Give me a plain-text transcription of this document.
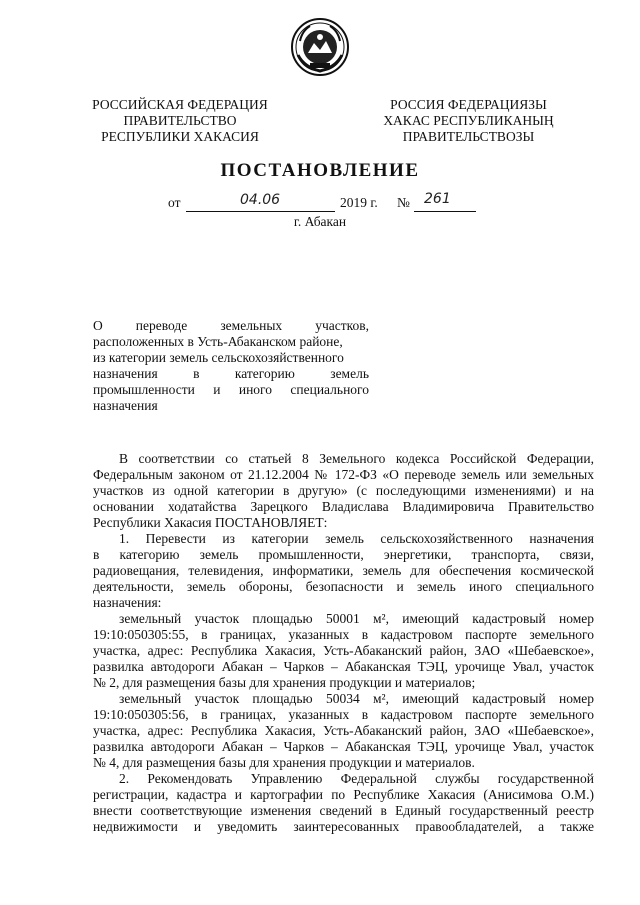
РОССИЙСКАЯ ФЕДЕРАЦИЯ
ПРАВИТЕЛЬСТВО
РЕСПУБЛИКИ ХАКАСИЯ
РОССИЯ ФЕДЕРАЦИЯЗЫ
ХАКАС РЕСПУБЛИКАНЫҢ
ПРАВИТЕЛЬСТВОЗЫ
ПОСТАНОВЛЕНИЕ
от	04.06	2019 г. № 261
г. Абакан
О переводе земельных участков,
расположенных в Усть-Абаканском районе,
из категории земель сельскохозяйственного
назначения в категорию земель
промышленности и иного специального
назначения
В соответствии со статьей 8 Земельного кодекса Российской Федерации,
Федеральным законом от 21.12.2004 № 172-ФЗ «О переводе земель или земельных
участков из одной категории в другую» (с последующими изменениями) и на
основании ходатайства Зарецкого Владислава Владимировича Правительство
Республики Хакасия ПОСТАНОВЛЯЕТ:
1. Перевести из категории земель сельскохозяйственного назначения
в категорию земель промышленности, энергетики, транспорта, связи,
радиовещания, телевидения, информатики, земель для обеспечения космической
деятельности, земель обороны, безопасности и земель иного специального
назначения:
земельный участок площадью 50001 м², имеющий кадастровый номер
19:10:050305:55, в границах, указанных в кадастровом паспорте земельного
участка, адрес: Республика Хакасия, Усть-Абаканский район, ЗАО «Шебаевское»,
развилка автодороги Абакан – Чарков – Абаканская ТЭЦ, урочище Увал, участок
№ 2, для размещения базы для хранения продукции и материалов;
земельный участок площадью 50034 м², имеющий кадастровый номер
19:10:050305:56, в границах, указанных в кадастровом паспорте земельного
участка, адрес: Республика Хакасия, Усть-Абаканский район, ЗАО «Шебаевское»,
развилка автодороги Абакан – Чарков – Абаканская ТЭЦ, урочище Увал, участок
№ 4, для размещения базы для хранения продукции и материалов.
2. Рекомендовать Управлению Федеральной службы государственной
регистрации, кадастра и картографии по Республике Хакасия (Анисимова О.М.)
внести соответствующие изменения сведений в Единый государственный реестр
недвижимости и уведомить заинтересованных правообладателей, а также
